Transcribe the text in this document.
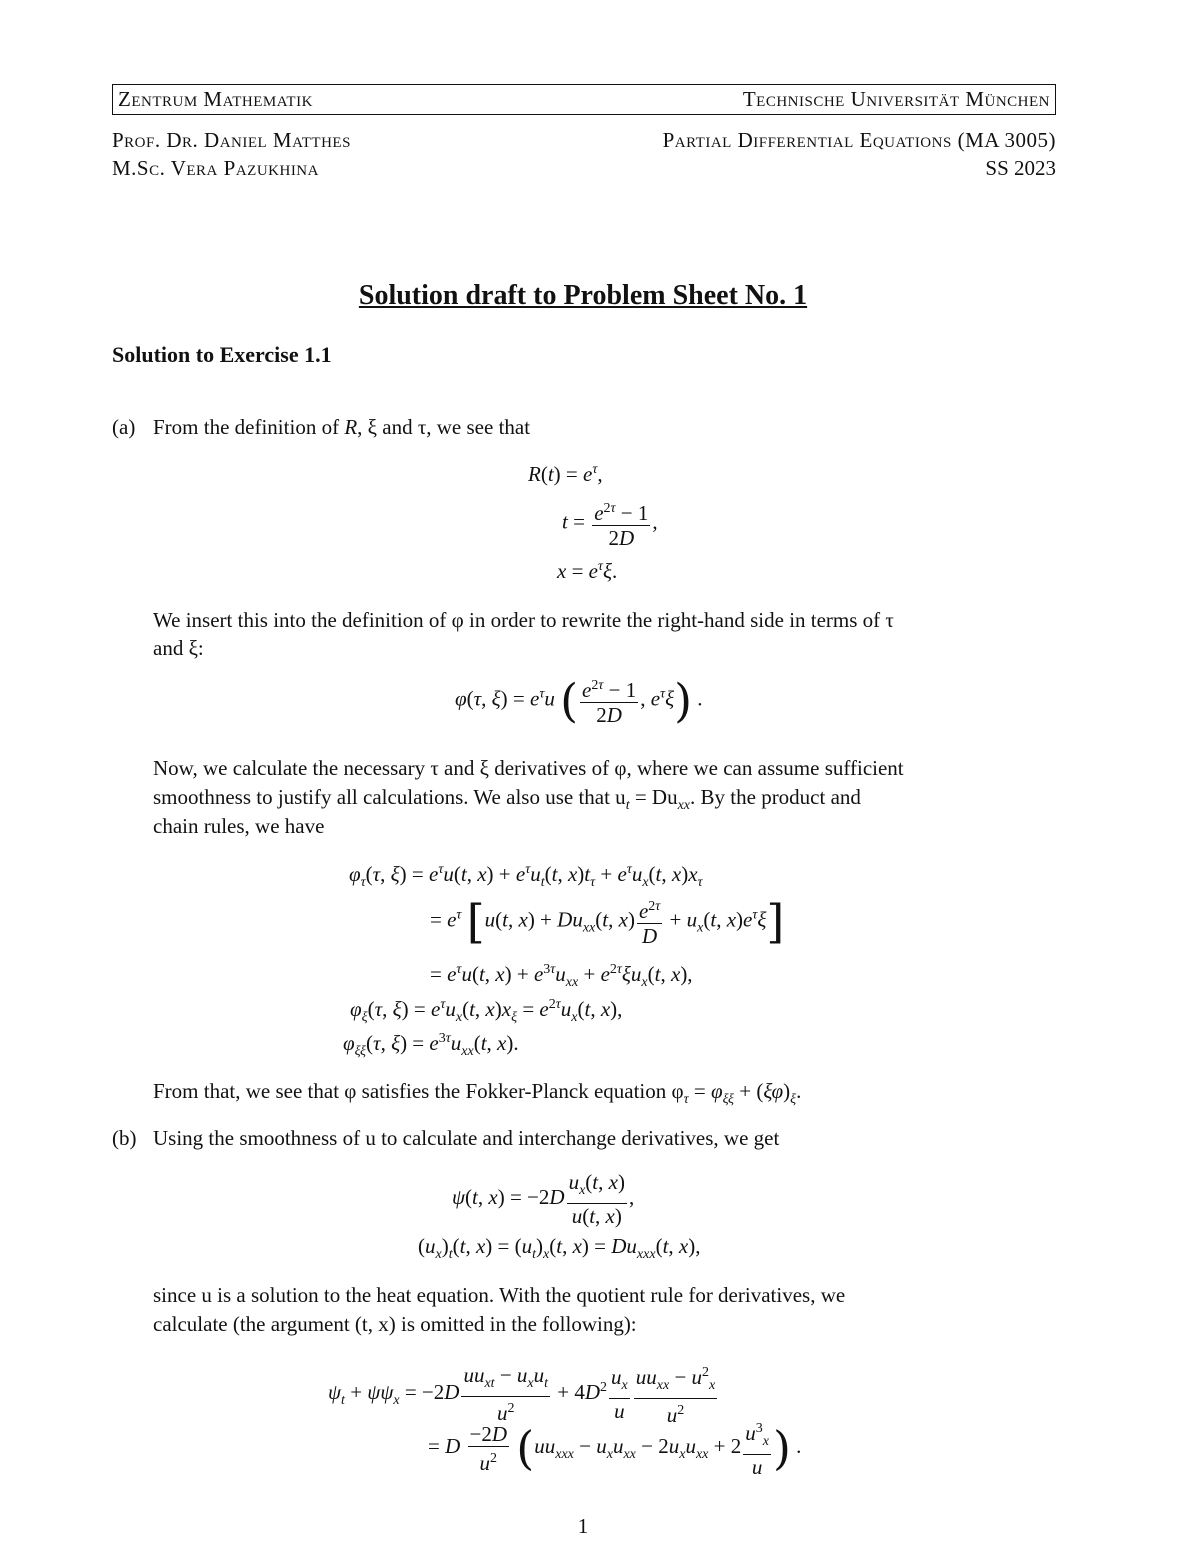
Zentrum Mathematik	Technische Universität München
Prof. Dr. Daniel Matthes	Partial Differential Equations (MA 3005)
M.Sc. Vera Pazukhina	SS 2023
Solution draft to Problem Sheet No. 1
Solution to Exercise 1.1
(a) From the definition of R, ξ and τ, we see that
$R(t) = e^\tau$,
$t = \frac{e^{2\tau} - 1}{2D}$ ,
$x = e^\tau\xi$.
We insert this into the definition of φ in order to rewrite the right-hand side in terms of τ
and ξ:
φ(τ, $\xi) = e^\tau u$ ( $\frac{e^{2\tau} - 1}{2D}$ , $e^\tau\xi$) .
Now, we calculate the necessary τ and ξ derivatives of φ, where we can assume sufficient
smoothness to justify all calculations. We also use that $u_t = Du_{xx}$. By the product and
chain rules, we have
$\varphi_\tau(\tau$, $\xi) = e^\tau u(t$, $x) + e^\tau u_t(t$, $x)t_\tau + e^\tau u_x(t$, $x)x_\tau$
= $e^\tau$ [u(t, $x) + Du_{xx}(t$, $x) \frac{e^{2\tau}}{D} + u_x(t$, $x)e^\tau\xi$]
= $e^\tau u(t$, $x) + e^{3\tau}u_{xx} + e^{2\tau}\xi u_x(t$, x),
$\varphi_\xi(\tau$, $\xi) = e^\tau u_x(t$, $x)x_\xi = e^{2\tau}u_x(t$, x),
$\varphi_{\xi\xi}(\tau$, $\xi) = e^{3\tau}u_{xx}(t$, x).
From that, we see that φ satisfies the Fokker-Planck equation $\varphi_\tau = \varphi_{\xi\xi} + (\xi\varphi)_\xi$.
(b) Using the smoothness of u to calculate and interchange derivatives, we get
ψ(t, $x) = -2D \frac{u_x(t, x)}{u(t, x)}$ ,
$(u_x)_t(t$, $x) = (u_t)_x(t$, $x) = Du_{xxx}(t$, x),
since u is a solution to the heat equation. With the quotient rule for derivatives, we
calculate (the argument (t, x) is omitted in the following):
$\psi_t + \psi\psi_x = -2D \frac{uu_{xt} - u_xu_t}{u^2} + 4D^2 \frac{u_x}{u} \frac{uu_{xx} - u^2_x}{u^2}$
= D $\frac{-2D}{u^2} (uu_{xxx} - u_xu_{xx} - 2u_xu_{xx} + 2 \frac{u^3_x}{u}$ ) .
1
